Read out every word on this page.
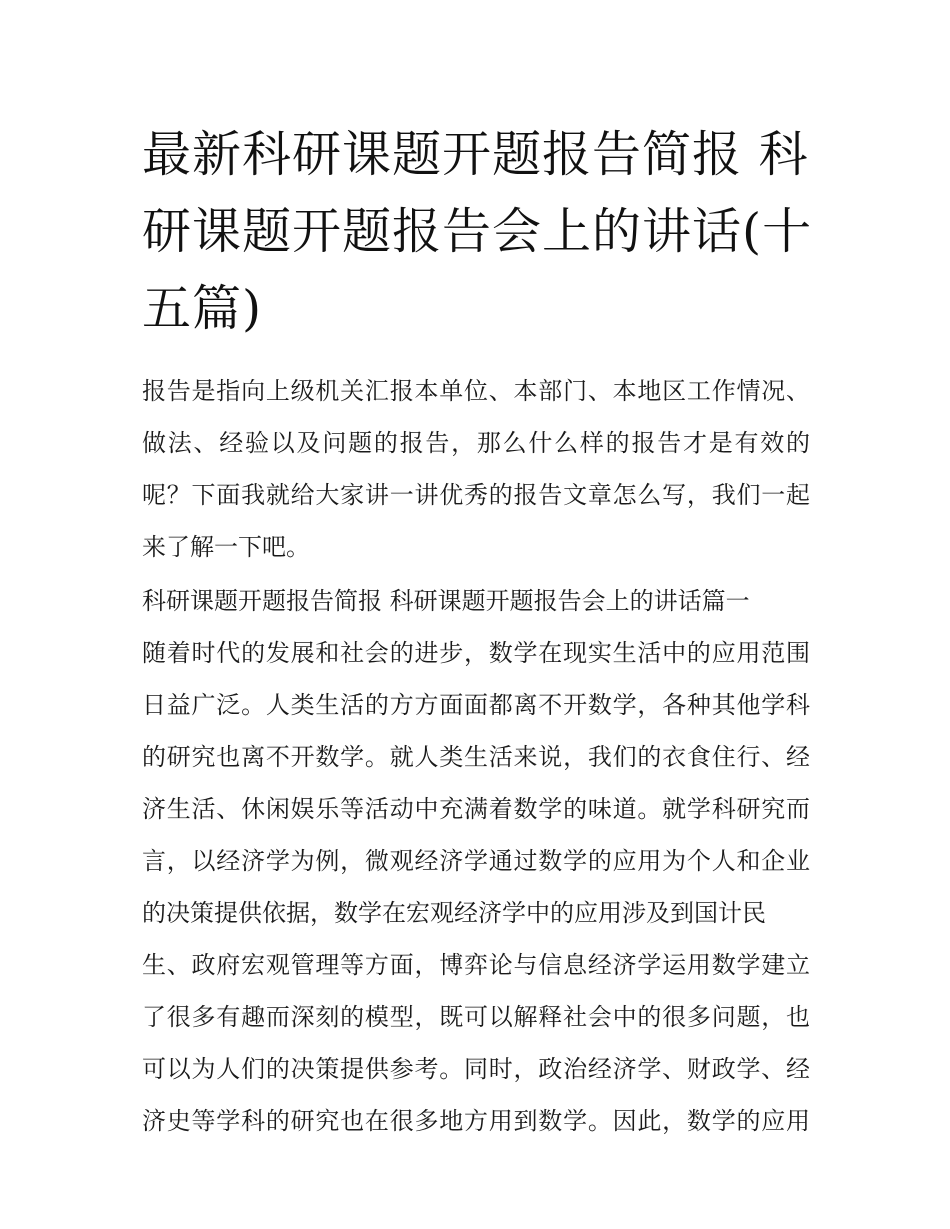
最新科研课题开题报告简报 科
研课题开题报告会上的讲话(十
五篇)
报告是指向上级机关汇报本单位、本部门、本地区工作情况、
做法、经验以及问题的报告，那么什么样的报告才是有效的
呢？下面我就给大家讲一讲优秀的报告文章怎么写，我们一起
来了解一下吧。
科研课题开题报告简报 科研课题开题报告会上的讲话篇一
随着时代的发展和社会的进步，数学在现实生活中的应用范围
日益广泛。人类生活的方方面面都离不开数学，各种其他学科
的研究也离不开数学。就人类生活来说，我们的衣食住行、经
济生活、休闲娱乐等活动中充满着数学的味道。就学科研究而
言，以经济学为例，微观经济学通过数学的应用为个人和企业
的决策提供依据，数学在宏观经济学中的应用涉及到国计民
生、政府宏观管理等方面，博弈论与信息经济学运用数学建立
了很多有趣而深刻的模型，既可以解释社会中的很多问题，也
可以为人们的决策提供参考。同时，政治经济学、财政学、经
济史等学科的研究也在很多地方用到数学。因此，数学的应用
